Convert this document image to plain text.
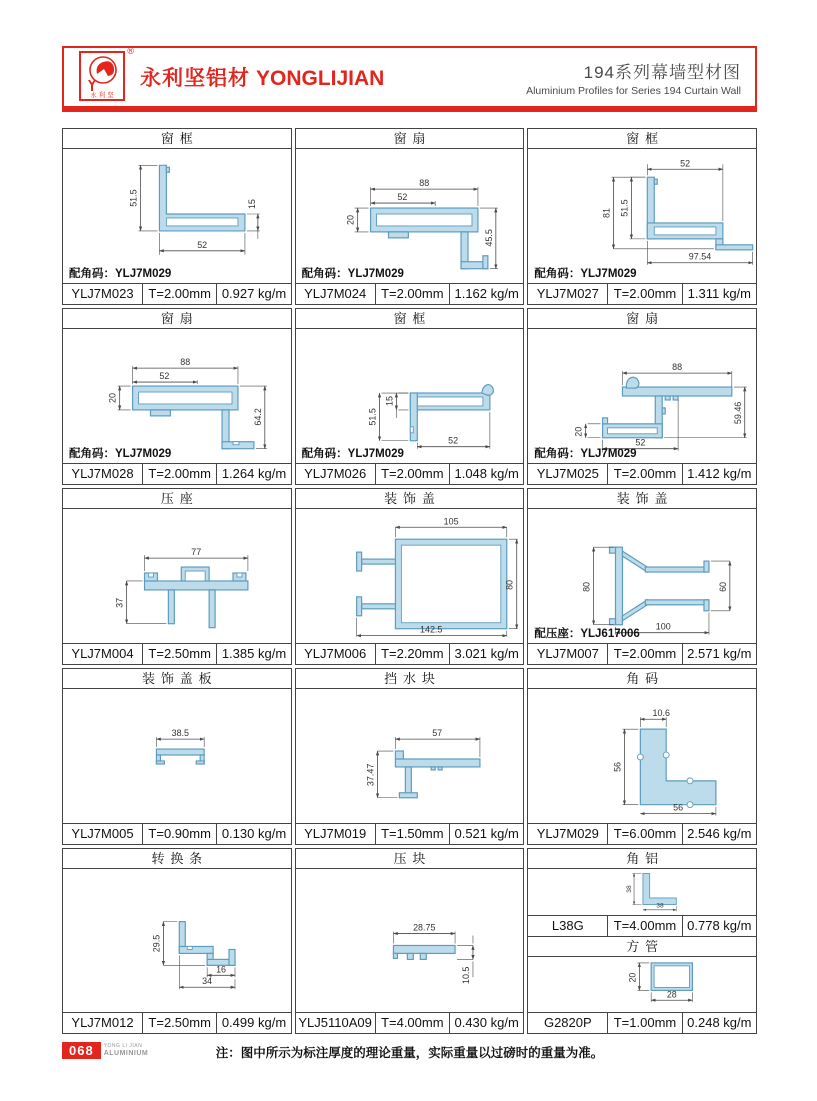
永利坚
®
永利坚铝材 YONGLIJIAN	194系列幕墙型材图
Aluminium Profiles for Series 194 Curtain Wall
窗框
51.5	15
52
配角码：YLJ7M029
YLJ7M023	T=2.00mm 0.927 kg/m
窗扇
88
52
20
45.5
配角码：YLJ7M029
YLJ7M024	T=2.00mm 1.162 kg/m
窗框
52
51.5
81
97.54
配角码：YLJ7M029
YLJ7M027	T=2.00mm 1.311 kg/m
窗扇
88
52
20
64.2
配角码：YLJ7M029
YLJ7M028	T=2.00mm 1.264 kg/m
窗框
15
51.5
52
配角码：YLJ7M029
YLJ7M026	T=2.00mm 1.048 kg/m
窗扇
88
59.46
20
52
配角码：YLJ7M029
YLJ7M025	T=2.00mm 1.412 kg/m
压座
77
37
YLJ7M004	T=2.50mm 1.385 kg/m
装饰盖
105
80
142.5
YLJ7M006	T=2.20mm 3.021 kg/m
装饰盖
80	60
100
配压座：YLJ617006
YLJ7M007	T=2.00mm 2.571 kg/m
装饰盖板
38.5
YLJ7M005	T=0.90mm 0.130 kg/m
挡水块
57
37.47
YLJ7M019	T=1.50mm 0.521 kg/m
角码
10.6
56
56
YLJ7M029	T=6.00mm 2.546 kg/m
转换条
29.5
16
34
YLJ7M012	T=2.50mm 0.499 kg/m
压块
28.75
10.5
YLJ5110A09 T=4.00mm 0.430 kg/m
角铝
38
38
L38G	T=4.00mm 0.778 kg/m
方管
20
28
G2820P	T=1.00mm 0.248 kg/m
068	YONG LI JIAN
ALUMINIUM	注：图中所示为标注厚度的理论重量，实际重量以过磅时的重量为准。
